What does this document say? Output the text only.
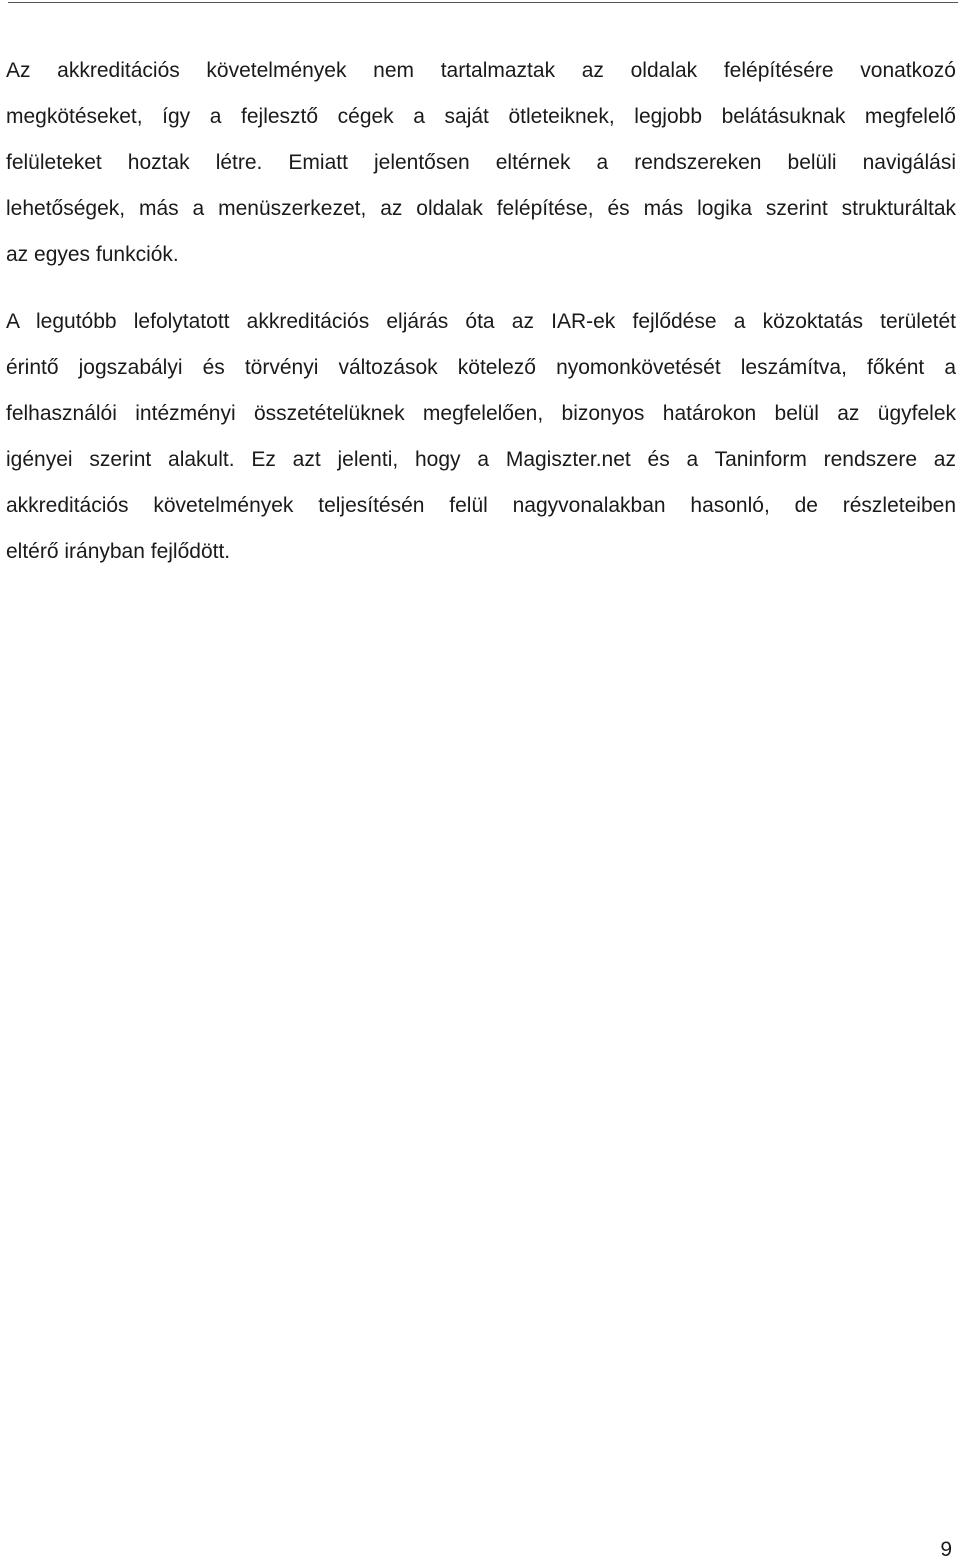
Az akkreditációs követelmények nem tartalmaztak az oldalak felépítésére vonatkozó
megkötéseket, így a fejlesztő cégek a saját ötleteiknek, legjobb belátásuknak megfelelő
felületeket hoztak létre. Emiatt jelentősen eltérnek a rendszereken belüli navigálási
lehetőségek, más a menüszerkezet, az oldalak felépítése, és más logika szerint strukturáltak
az egyes funkciók.
A legutóbb lefolytatott akkreditációs eljárás óta az IAR-ek fejlődése a közoktatás területét
érintő jogszabályi és törvényi változások kötelező nyomonkövetését leszámítva, főként a
felhasználói intézményi összetételüknek megfelelően, bizonyos határokon belül az ügyfelek
igényei szerint alakult. Ez azt jelenti, hogy a Magiszter.net és a Taninform rendszere az
akkreditációs követelmények teljesítésén felül nagyvonalakban hasonló, de részleteiben
eltérő irányban fejlődött.
9
